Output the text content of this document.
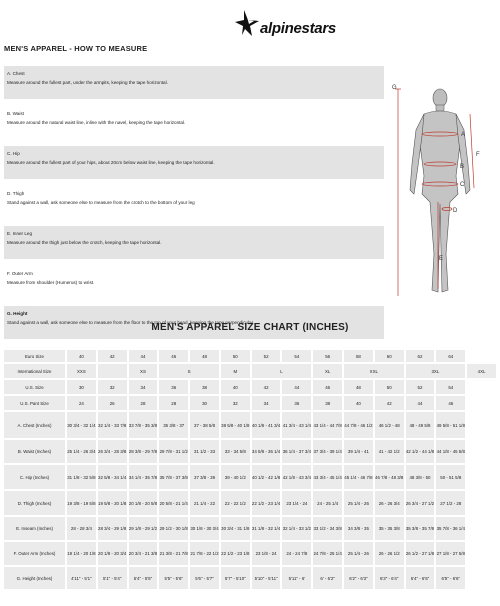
alpinestars
MEN'S APPAREL - HOW TO MEASURE
A. Chest
Measure around the fullest part, under the armpits, keeping the tape horizontal.
B. Waist
Measure around the natural waist line, inline with the navel, keeping the tape horizontal.
C. Hip
Measure around the fullest part of your hips, about 20cm below waist line, keeping the tape horizontal.
D. Thigh
Stand against a wall, ask someone else to measure from the crotch to the bottom of your leg
E. Inner Leg
Measure around the thigh just below the crotch, keeping the tape horizontal.
F. Outer Arm
Measure from shoulder (Humerus) to wrist.
G. Height
Stand against a wall, ask someone else to measure from the floor to the top of your head, keeping the tape perpendicular.
G
A
B
C
F
D
E
MEN'S APPAREL SIZE CHART (INCHES)
Euro Size	40	42	44	46	48	50	52	54	56	58	60	62	64	
International Size	XXS		XS	S		M	L		XL	XXL		3XL		4XL
U.S. Size	30	32	34	36	38	40	42	44	46	48	50	52	54	
U.S. Pant Size	24	26	28	28	30	32	34	36	38	40	42	44	46	
A. Chest (Inches)	30 3/4 - 32 1/4	32 1/4 - 33 7/8	33 7/8 - 35 3/8	35 3/8 - 37	37 - 38 5/8	38 5/8 - 40 1/8	40 1/8 - 41 3/4	41 3/4 - 43 1/4	43 1/4 - 44 7/8	44 7/8 - 46 1/2	46 1/2 - 48	48 - 49 5/8	49 5/8 - 51 1/8	
B. Waist (Inches)	25 1/4 - 26 3/4	26 3/4 - 28 3/8	28 3/8 - 29 7/8	29 7/8 - 31 1/2	31 1/2 - 33	33 - 34 5/8	34 5/8 - 36 1/4	36 1/4 - 37 3/4	37 3/4 - 39 1/4	39 1/4 - 41	41 - 42 1/2	42 1/2 - 44 1/8	44 1/8 - 45 5/8	
C. Hip (Inches)	31 1/8 - 32 5/8	32 5/8 - 34 1/4	34 1/4 - 35 7/8	35 7/8 - 37 3/8	37 3/8 - 39	39 - 40 1/2	40 1/2 - 42 1/8	42 1/8 - 43 3/4	43 3/4 - 45 1/4	45 1/4 - 46 7/8	46 7/8 - 48 3/8	48 3/8 - 50	50 - 51 5/8	
D. Thigh (Inches)	19 3/8 - 19 5/8	19 5/8 - 20 1/8	20 1/8 - 20 5/8	20 5/8 - 21 1/4	21 1/4 - 22	22 - 22 1/2	22 1/2 - 23 1/4	23 1/4 - 24	24 - 25 1/4	25 1/4 - 26	26 - 26 3/4	26 3/4 - 27 1/2	27 1/2 - 28	
E. Inseam (Inches)	28 - 28 3/4	28 3/4 - 29 1/8	29 1/8 - 29 1/2	29 1/2 - 30 1/8	30 1/8 - 30 3/4	30 3/4 - 31 1/8	31 1/8 - 32 1/4	32 1/4 - 33 1/2	33 1/2 - 34 3/8	34 3/8 - 35	35 - 35 3/8	35 3/8 - 35 7/8	35 7/8 - 36 1/4	
F. Outer Arm (Inches)	19 1/4 - 20 1/8	20 1/8 - 20 3/4	20 3/4 - 21 3/8	21 3/8 - 21 7/8	21 7/8 - 22 1/2	22 1/2 - 23 1/8	23 1/8 - 24	24 - 24 7/8	24 7/8 - 25 1/4	25 1/4 - 26	26 - 26 1/2	26 1/2 - 27 1/8	27 1/8 - 27 5/8	
G. Height (Inches)	4'11" - 5'1"	5'1" - 5'4"	5'4" - 5'5"	5'5" - 5'6"	5'6" - 5'7"	5'7" - 5'10"	5'10" - 5'11"	5'11" - 6'	6' - 6'2"	6'2" - 6'3"	6'3" - 6'4"	6'4" - 6'5"	6'5" - 6'6"	
